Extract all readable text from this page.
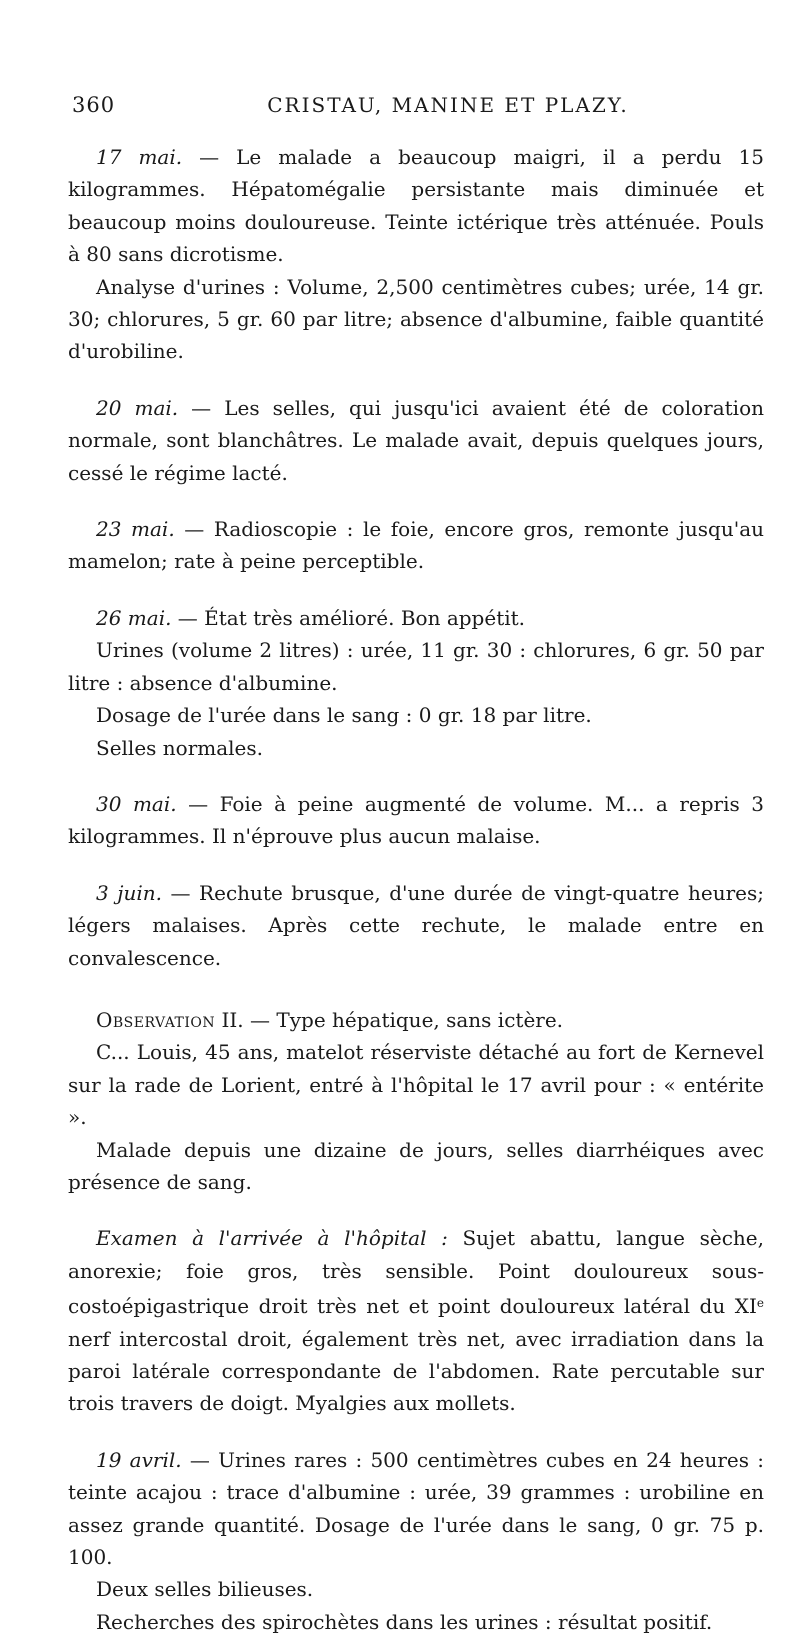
360	CRISTAU, MANINE ET PLAZY.

17 mai. — Le malade a beaucoup maigri, il a perdu 15 kilogrammes. Hépatomégalie persistante mais diminuée et beaucoup moins douloureuse. Teinte ictérique très atténuée. Pouls à 80 sans dicrotisme.

Analyse d'urines : Volume, 2,500 centimètres cubes; urée, 14 gr. 30; chlorures, 5 gr. 60 par litre; absence d'albumine, faible quantité d'urobiline.

20 mai. — Les selles, qui jusqu'ici avaient été de coloration normale, sont blanchâtres. Le malade avait, depuis quelques jours, cessé le régime lacté.

23 mai. — Radioscopie : le foie, encore gros, remonte jusqu'au mamelon; rate à peine perceptible.

26 mai. — État très amélioré. Bon appétit.

Urines (volume 2 litres) : urée, 11 gr. 30 : chlorures, 6 gr. 50 par litre : absence d'albumine.

Dosage de l'urée dans le sang : 0 gr. 18 par litre.

Selles normales.

30 mai. — Foie à peine augmenté de volume. M... a repris 3 kilogrammes. Il n'éprouve plus aucun malaise.

3 juin. — Rechute brusque, d'une durée de vingt-quatre heures; légers malaises. Après cette rechute, le malade entre en convalescence.

Observation II. — Type hépatique, sans ictère.

C... Louis, 45 ans, matelot réserviste détaché au fort de Kernevel sur la rade de Lorient, entré à l'hôpital le 17 avril pour : « entérite ».

Malade depuis une dizaine de jours, selles diarrhéiques avec présence de sang.

Examen à l'arrivée à l'hôpital : Sujet abattu, langue sèche, anorexie; foie gros, très sensible. Point douloureux sous-costoépigastrique droit très net et point douloureux latéral du XIe nerf intercostal droit, également très net, avec irradiation dans la paroi latérale correspondante de l'abdomen. Rate percutable sur trois travers de doigt. Myalgies aux mollets.

19 avril. — Urines rares : 500 centimètres cubes en 24 heures : teinte acajou : trace d'albumine : urée, 39 grammes : urobiline en assez grande quantité. Dosage de l'urée dans le sang, 0 gr. 75 p. 100.

Deux selles bilieuses.

Recherches des spirochètes dans les urines : résultat positif.
